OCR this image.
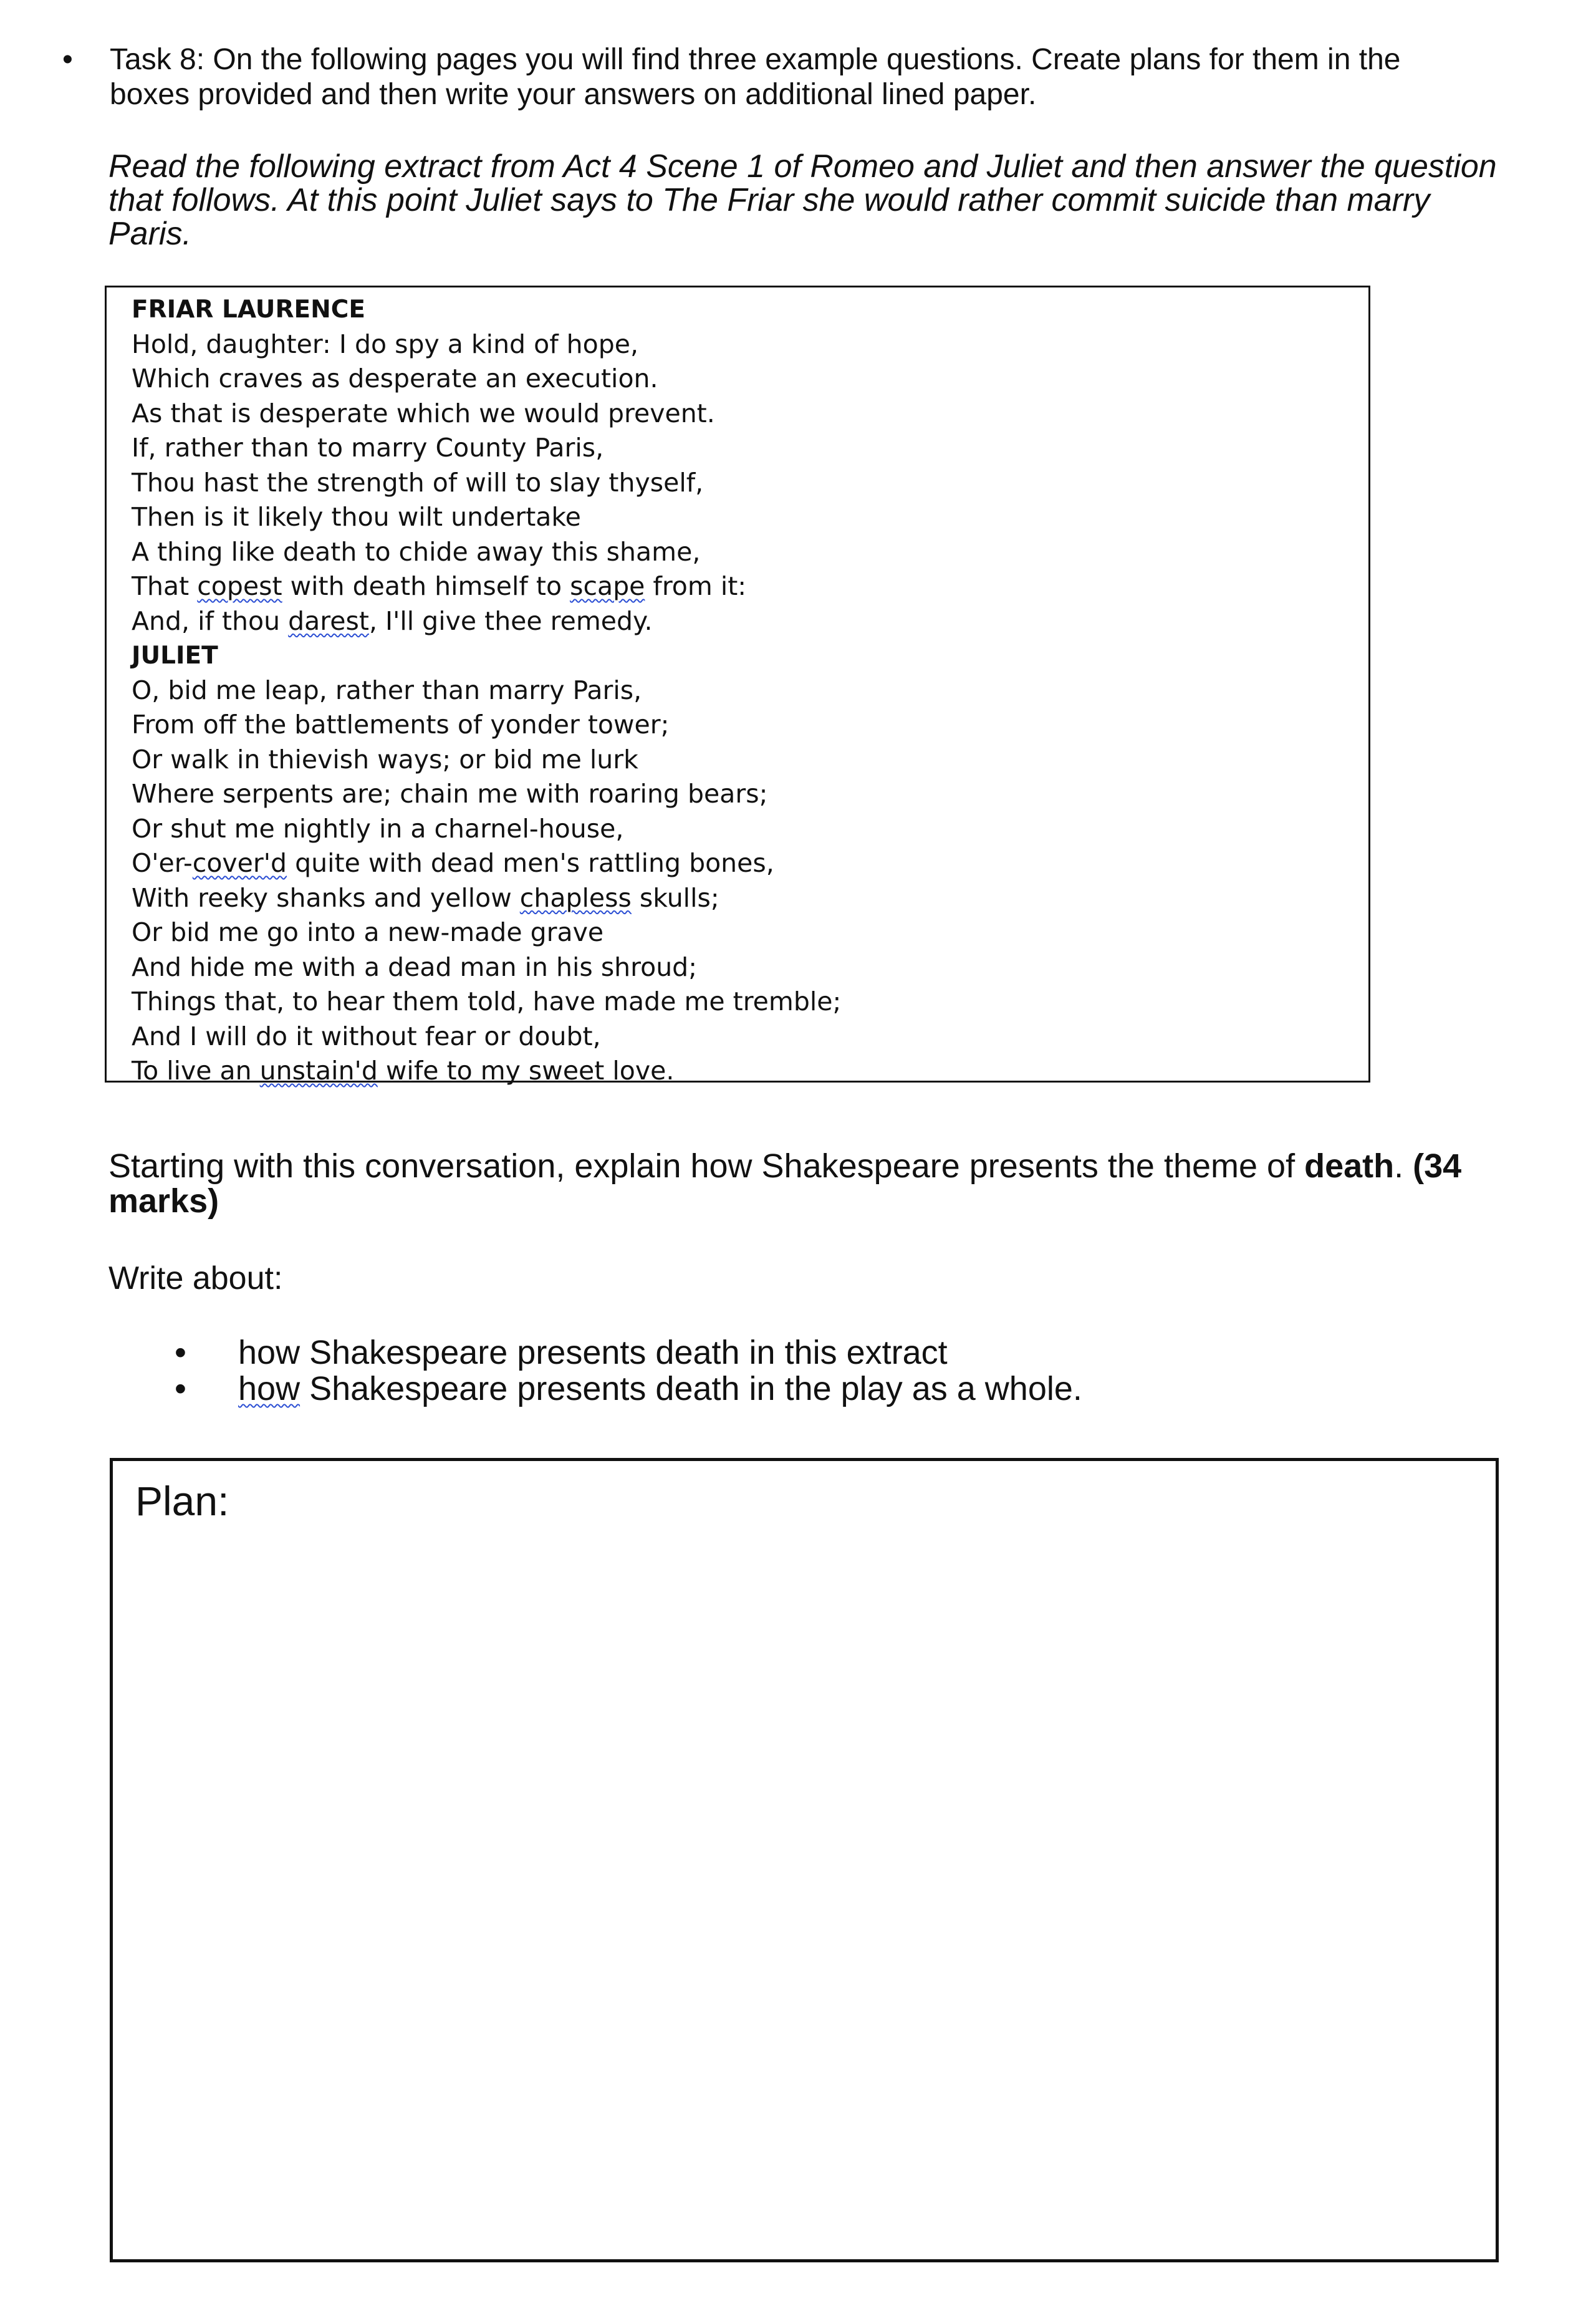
• Task 8: On the following pages you will find three example questions. Create plans for them in the boxes provided and then write your answers on additional lined paper.
Read the following extract from Act 4 Scene 1 of Romeo and Juliet and then answer the question that follows. At this point Juliet says to The Friar she would rather commit suicide than marry Paris.
FRIAR LAURENCE
Hold, daughter: I do spy a kind of hope,
Which craves as desperate an execution.
As that is desperate which we would prevent.
If, rather than to marry County Paris,
Thou hast the strength of will to slay thyself,
Then is it likely thou wilt undertake
A thing like death to chide away this shame,
That copest with death himself to scape from it:
And, if thou darest, I'll give thee remedy.
JULIET
O, bid me leap, rather than marry Paris,
From off the battlements of yonder tower;
Or walk in thievish ways; or bid me lurk
Where serpents are; chain me with roaring bears;
Or shut me nightly in a charnel-house,
O'er-cover'd quite with dead men's rattling bones,
With reeky shanks and yellow chapless skulls;
Or bid me go into a new-made grave
And hide me with a dead man in his shroud;
Things that, to hear them told, have made me tremble;
And I will do it without fear or doubt,
To live an unstain'd wife to my sweet love.
Starting with this conversation, explain how Shakespeare presents the theme of death. (34 marks)
Write about:
• how Shakespeare presents death in this extract
• how Shakespeare presents death in the play as a whole.
Plan:
